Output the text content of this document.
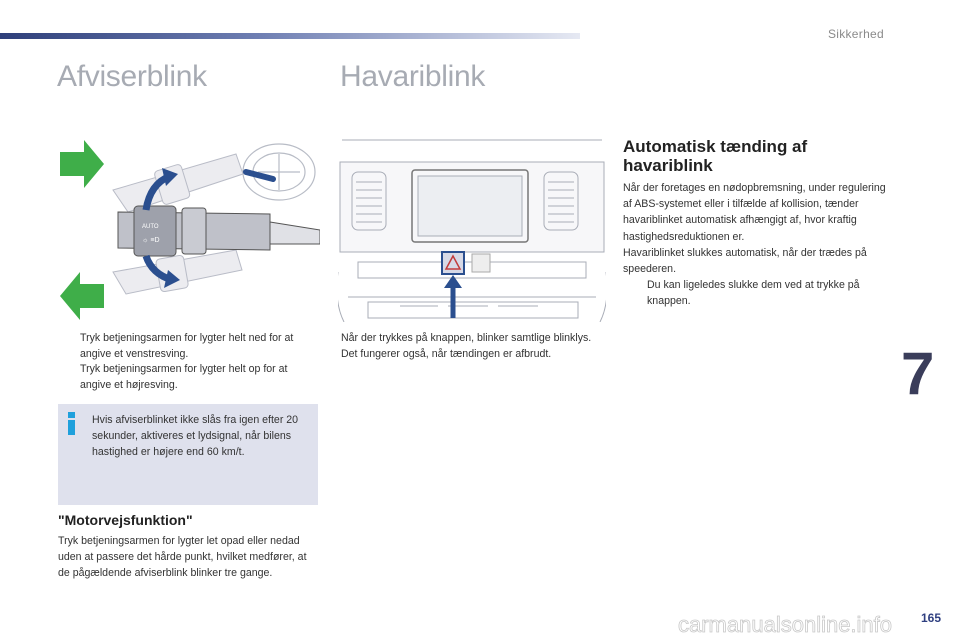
Sikkerhed
Afviserblink	Havariblink
AUTO
☼ ≡D
Tryk betjeningsarmen for lygter helt ned for at angive et venstresving.
Tryk betjeningsarmen for lygter helt op for at angive et højresving.
Hvis afviserblinket ikke slås fra igen efter 20 sekunder, aktiveres et lydsignal, når bilens hastighed er højere end 60 km/t.
"Motorvejsfunktion"
Tryk betjeningsarmen for lygter let opad eller nedad uden at passere det hårde punkt, hvilket medfører, at de pågældende afviserblink blinker tre gange.
Når der trykkes på knappen, blinker samtlige blinklys.
Det fungerer også, når tændingen er afbrudt.
Automatisk tænding af havariblink
Når der foretages en nødopbremsning, under regulering af ABS-systemet eller i tilfælde af kollision, tænder havariblinket automatisk afhængigt af, hvor kraftig hastighedsreduktionen er.
Havariblinket slukkes automatisk, når der trædes på speederen.
Du kan ligeledes slukke dem ved at trykke på knappen.
7
165
carmanualsonline.info
